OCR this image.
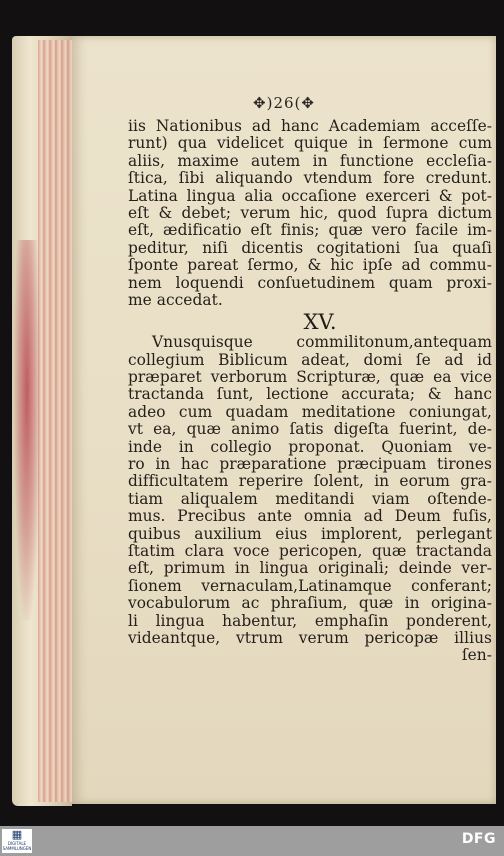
✥)26(✥
iis Nationibus ad hanc Academiam acceſſe-
runt) qua videlicet quique in ſermone cum
aliis, maxime autem in functione eccleſia-
ſtica, ſibi aliquando vtendum fore credunt.
Latina lingua alia occaſione exerceri & pot-
eſt & debet; verum hic, quod ſupra dictum
eſt, ædificatio eſt finis; quæ vero facile im-
peditur, niſi dicentis cogitationi ſua quaſi
ſponte pareat ſermo, & hic ipſe ad commu-
nem loquendi conſuetudinem quam proxi-
me accedat.
XV.
Vnusquisque commilitonum,antequam
collegium Biblicum adeat, domi ſe ad id
præparet verborum Scripturæ, quæ ea vice
tractanda ſunt, lectione accurata; & hanc
adeo cum quadam meditatione coniungat,
vt ea, quæ animo ſatis digeſta fuerint, de-
inde in collegio proponat. Quoniam ve-
ro in hac præparatione præcipuam tirones
difficultatem reperire ſolent, in eorum gra-
tiam aliqualem meditandi viam oſtende-
mus. Precibus ante omnia ad Deum fuſis,
quibus auxilium eius implorent, perlegant
ſtatim clara voce pericopen, quæ tractanda
eſt, primum in lingua originali; deinde ver-
ſionem vernaculam,Latinamque conferant;
vocabulorum ac phraſium, quæ in origina-
li lingua habentur, emphaſin ponderent,
videantque, vtrum verum pericopæ illius
ſen-
▦
DIGITALE SAMMLUNGEN
DFG
